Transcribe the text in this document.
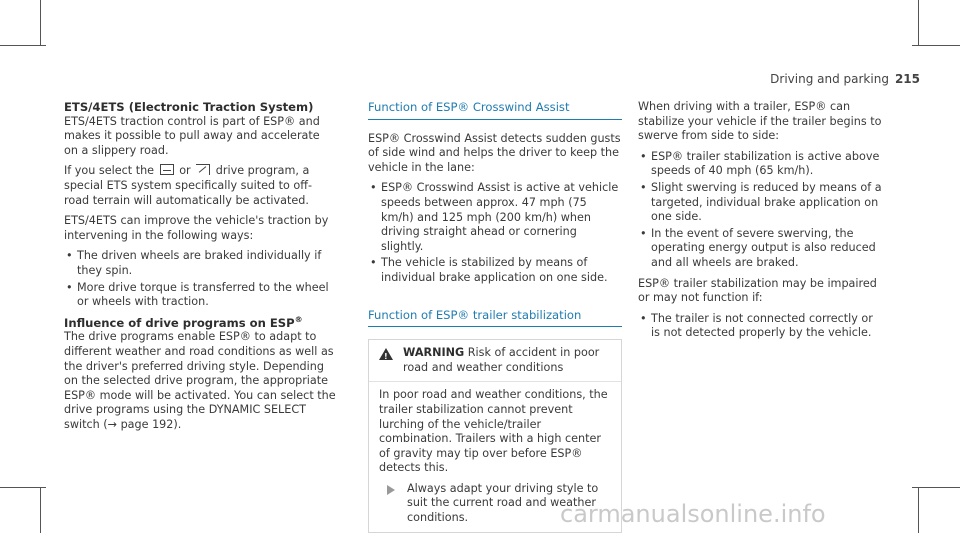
Driving and parking 215
ETS/4ETS (Electronic Traction System)

ETS/4ETS traction control is part of ESP® and makes it possible to pull away and accelerate on a slippery road.

If you select the or drive program, a special ETS system specifically suited to off-road terrain will automatically be activated.

ETS/4ETS can improve the vehicle's traction by intervening in the following ways:

• The driven wheels are braked individually if they spin.
• More drive torque is transferred to the wheel or wheels with traction.
Influence of drive programs on ESP®

The drive programs enable ESP® to adapt to different weather and road conditions as well as the driver's preferred driving style. Depending on the selected drive program, the appropriate ESP® mode will be activated. You can select the drive programs using the DYNAMIC SELECT switch (→ page 192).

Function of ESP® Crosswind Assist

ESP® Crosswind Assist detects sudden gusts of side wind and helps the driver to keep the vehicle in the lane:

• ESP® Crosswind Assist is active at vehicle speeds between approx. 47 mph (75 km/h) and 125 mph (200 km/h) when driving straight ahead or cornering slightly.
• The vehicle is stabilized by means of individual brake application on one side.
Function of ESP® trailer stabilization
!
WARNING Risk of accident in poor road and weather conditions

In poor road and weather conditions, the trailer stabilization cannot prevent lurching of the vehicle/trailer combination. Trailers with a high center of gravity may tip over before ESP® detects this.

Always adapt your driving style to suit the current road and weather conditions.

When driving with a trailer, ESP® can stabilize your vehicle if the trailer begins to swerve from side to side:

• ESP® trailer stabilization is active above speeds of 40 mph (65 km/h).
• Slight swerving is reduced by means of a targeted, individual brake application on one side.
• In the event of severe swerving, the operating energy output is also reduced and all wheels are braked.

ESP® trailer stabilization may be impaired or may not function if:

• The trailer is not connected correctly or is not detected properly by the vehicle.
carmanualsonline.info
